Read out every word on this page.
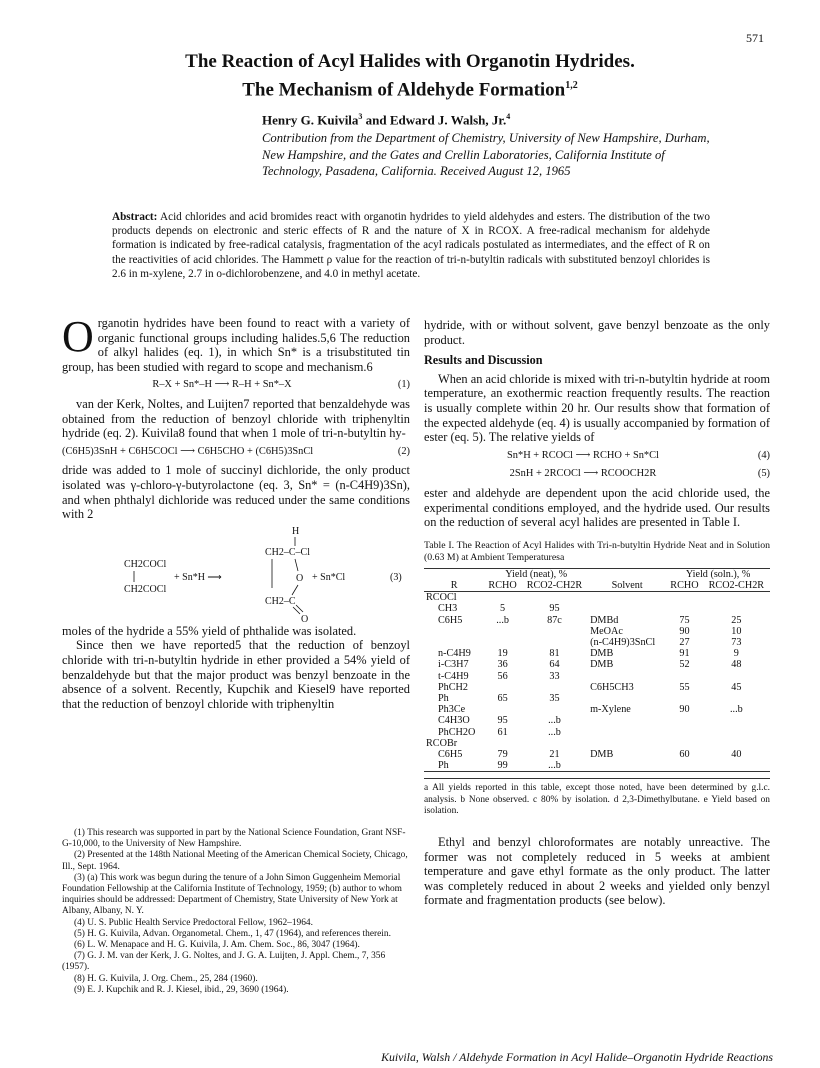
571
The Reaction of Acyl Halides with Organotin Hydrides.
The Mechanism of Aldehyde Formation$^{1,2}$
Henry G. Kuivila$^3$ and Edward J. Walsh, Jr.$^4$
Contribution from the Department of Chemistry, University of New Hampshire, Durham, New Hampshire, and the Gates and Crellin Laboratories, California Institute of Technology, Pasadena, California. Received August 12, 1965
Abstract: Acid chlorides and acid bromides react with organotin hydrides to yield aldehydes and esters. The distribution of the two products depends on electronic and steric effects of R and the nature of X in RCOX. A free-radical mechanism for aldehyde formation is indicated by free-radical catalysis, fragmentation of the acyl radicals postulated as intermediates, and the effect of R on the reactivities of acid chlorides. The Hammett ρ value for the reaction of tri-n-butyltin radicals with substituted benzoyl chlorides is 2.6 in m-xylene, 2.7 in o-dichlorobenzene, and 4.0 in methyl acetate.

Organotin hydrides have been found to react with a variety of organic functional groups including halides.5,6 The reduction of alkyl halides (eq. 1), in which Sn* is a trisubstituted tin group, has been studied with regard to scope and mechanism.6

R–X + Sn*–H ⟶ R–H + Sn*–X	(1)

van der Kerk, Noltes, and Luijten7 reported that benzaldehyde was obtained from the reduction of benzoyl chloride with triphenyltin hydride (eq. 2). Kuivila8 found that when 1 mole of tri-n-butyltin hy-

(C6H5)3SnH + C6H5COCl ⟶ C6H5CHO + (C6H5)3SnCl	(2)

dride was added to 1 mole of succinyl dichloride, the only product isolated was γ-chloro-γ-butyrolactone (eq. 3, Sn* = (n-C4H9)3Sn), and when phthalyl dichloride was reduced under the same conditions with 2

H
CH2–C–Cl
CH2COCl
CH2COCl
+ Sn*H ⟶	O + Sn*Cl	(3)
CH2–C
O

moles of the hydride a 55% yield of phthalide was isolated.

Since then we have reported5 that the reduction of benzoyl chloride with tri-n-butyltin hydride in ether provided a 54% yield of benzaldehyde but that the major product was benzyl benzoate in the absence of a solvent. Recently, Kupchik and Kiesel9 have reported that the reduction of benzoyl chloride with triphenyltin

(1) This research was supported in part by the National Science Foundation, Grant NSF-G-10,000, to the University of New Hampshire.

(2) Presented at the 148th National Meeting of the American Chemical Society, Chicago, Ill., Sept. 1964.

(3) (a) This work was begun during the tenure of a John Simon Guggenheim Memorial Foundation Fellowship at the California Institute of Technology, 1959; (b) author to whom inquiries should be addressed: Department of Chemistry, State University of New York at Albany, Albany, N. Y.

(4) U. S. Public Health Service Predoctoral Fellow, 1962–1964.

(5) H. G. Kuivila, Advan. Organometal. Chem., 1, 47 (1964), and references therein.

(6) L. W. Menapace and H. G. Kuivila, J. Am. Chem. Soc., 86, 3047 (1964).

(7) G. J. M. van der Kerk, J. G. Noltes, and J. G. A. Luijten, J. Appl. Chem., 7, 356 (1957).

(8) H. G. Kuivila, J. Org. Chem., 25, 284 (1960).

(9) E. J. Kupchik and R. J. Kiesel, ibid., 29, 3690 (1964).

hydride, with or without solvent, gave benzyl benzoate as the only product.

Results and Discussion

When an acid chloride is mixed with tri-n-butyltin hydride at room temperature, an exothermic reaction frequently results. The reaction is usually complete within 20 hr. Our results show that formation of the expected aldehyde (eq. 4) is usually accompanied by formation of ester (eq. 5). The relative yields of

Sn*H + RCOCl ⟶ RCHO + Sn*Cl	(4)
2SnH + 2RCOCl ⟶ RCOOCH2R	(5)

ester and aldehyde are dependent upon the acid chloride used, the experimental conditions employed, and the hydride used. Our results on the reduction of several acyl halides are presented in Table I.

Table I. The Reaction of Acyl Halides with Tri-n-butyltin Hydride Neat and in Solution (0.63 M) at Ambient Temperaturesa
	Yield (neat), %			Yield (soln.), %	
R	RCHO	RCO2-CH2R	Solvent	RCHO	RCO2-CH2R
RCOCl					
CH3	5	95			
C6H5	...b	87c	DMBd	75	25
			MeOAc	90	10
			(n-C4H9)3SnCl	27	73
n-C4H9	19	81	DMB	91	9
i-C3H7	36	64	DMB	52	48
t-C4H9	56	33			
PhCH2			C6H5CH3	55	45
Ph	65	35			
Ph3Ce			m-Xylene	90	...b
C4H3O	95	...b			
PhCH2O	61	...b			
RCOBr					
C6H5	79	21	DMB	60	40
Ph	99	...b			
a All yields reported in this table, except those noted, have been determined by g.l.c. analysis. b None observed. c 80% by isolation. d 2,3-Dimethylbutane. e Yield based on isolation.

Ethyl and benzyl chloroformates are notably unreactive. The former was not completely reduced in 5 weeks at ambient temperature and gave ethyl formate as the only product. The latter was completely reduced in about 2 weeks and yielded only benzyl formate and fragmentation products (see below).

Kuivila, Walsh / Aldehyde Formation in Acyl Halide–Organotin Hydride Reactions
